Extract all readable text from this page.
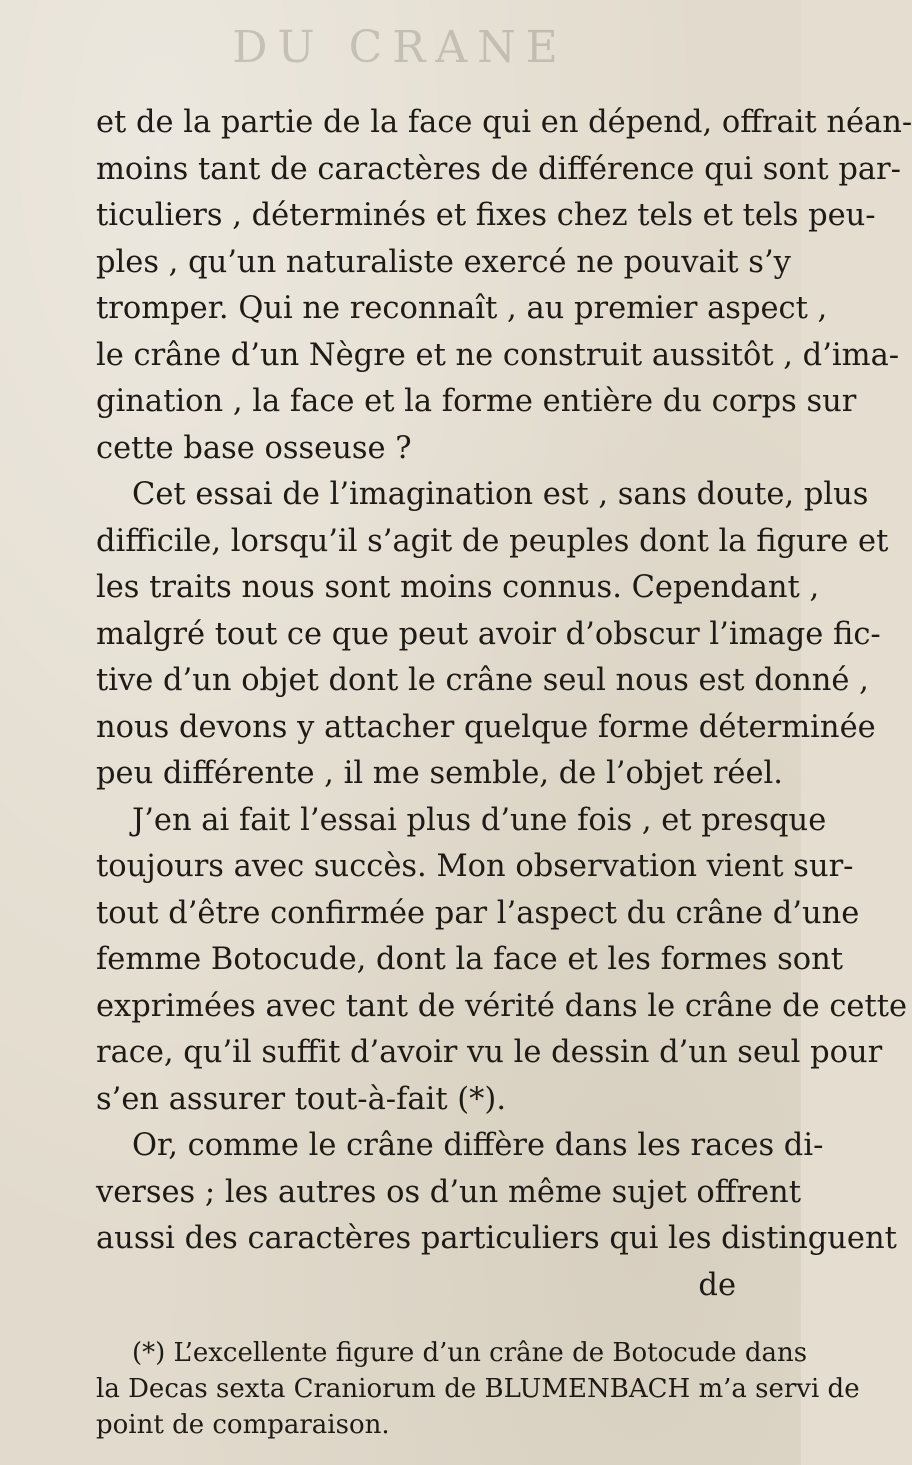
DU CRANE
et de la partie de la face qui en dépend, offrait néan-
moins tant de caractères de différence qui sont par-
ticuliers , déterminés et fixes chez tels et tels peu-
ples , qu’un naturaliste exercé ne pouvait s’y
tromper. Qui ne reconnaît , au premier aspect ,
le crâne d’un Nègre et ne construit aussitôt , d’ima-
gination , la face et la forme entière du corps sur
cette base osseuse ?
Cet essai de l’imagination est , sans doute, plus
difficile, lorsqu’il s’agit de peuples dont la figure et
les traits nous sont moins connus. Cependant ,
malgré tout ce que peut avoir d’obscur l’image fic-
tive d’un objet dont le crâne seul nous est donné ,
nous devons y attacher quelque forme déterminée
peu différente , il me semble, de l’objet réel.
J’en ai fait l’essai plus d’une fois , et presque
toujours avec succès. Mon observation vient sur-
tout d’être confirmée par l’aspect du crâne d’une
femme Botocude, dont la face et les formes sont
exprimées avec tant de vérité dans le crâne de cette
race, qu’il suffit d’avoir vu le dessin d’un seul pour
s’en assurer tout-à-fait (*).
Or, comme le crâne diffère dans les races di-
verses ; les autres os d’un même sujet offrent
aussi des caractères particuliers qui les distinguent
de
(*) L’excellente figure d’un crâne de Botocude dans
la Decas sexta Craniorum de BLUMENBACH m’a servi de
point de comparaison.
